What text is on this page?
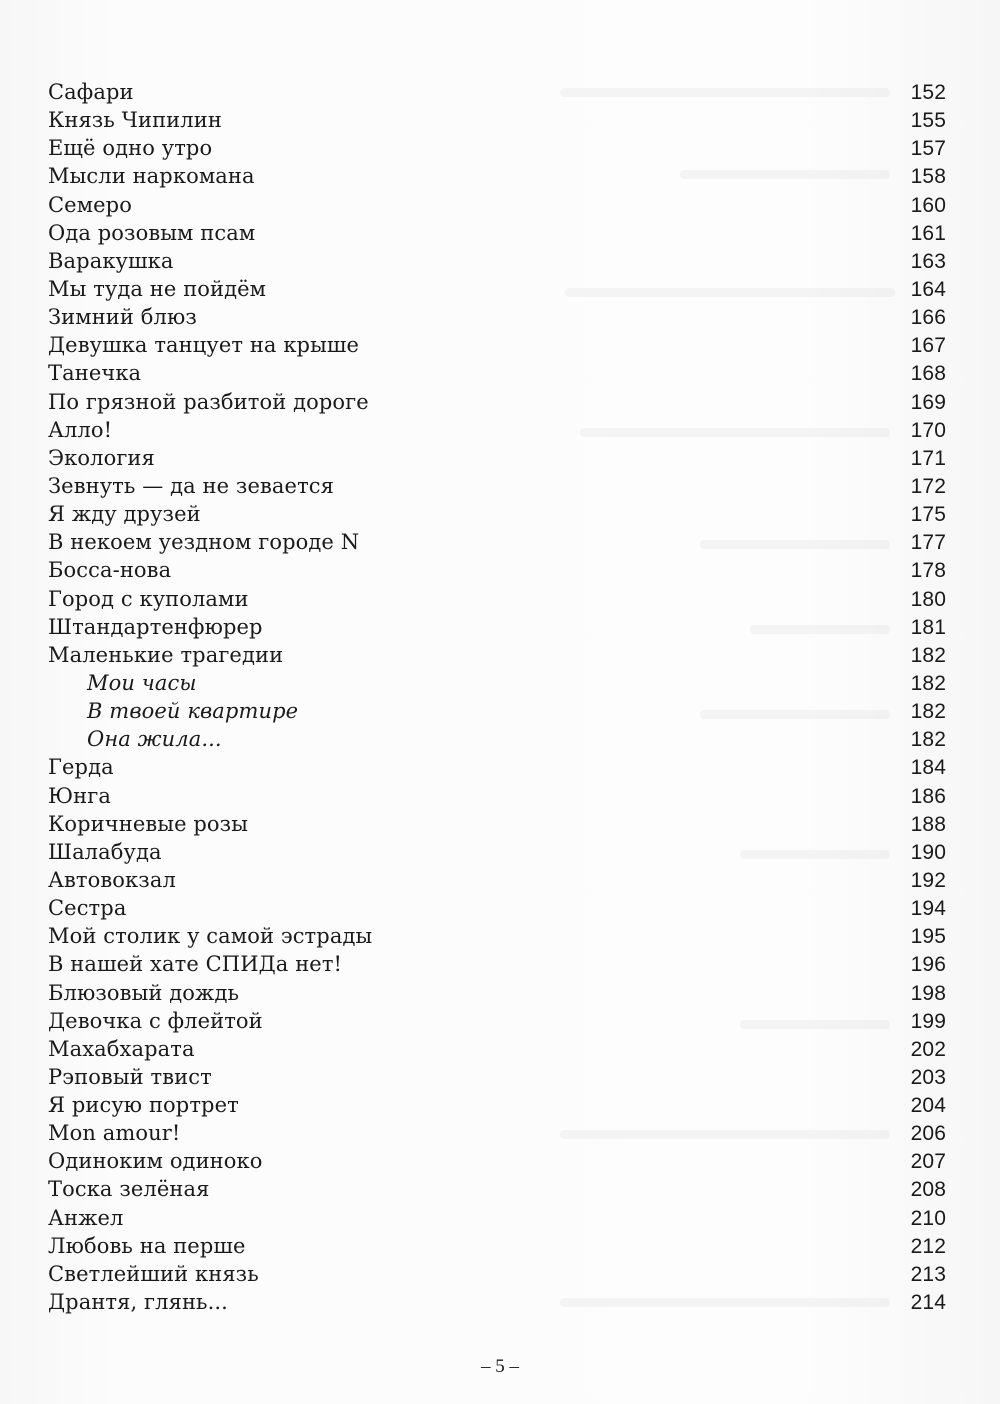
Сафари	152
Князь Чипилин	155
Ещё одно утро	157
Мысли наркомана	158
Семеро	160
Ода розовым псам	161
Варакушка	163
Мы туда не пойдём	164
Зимний блюз	166
Девушка танцует на крыше	167
Танечка	168
По грязной разбитой дороге	169
Алло!	170
Экология	171
Зевнуть — да не зевается	172
Я жду друзей	175
В некоем уездном городе N	177
Босса-нова	178
Город с куполами	180
Штандартенфюрер	181
Маленькие трагедии	182
Мои часы	182
В твоей квартире	182
Она жила...	182
Герда	184
Юнга	186
Коричневые розы	188
Шалабуда	190
Автовокзал	192
Сестра	194
Мой столик у самой эстрады	195
В нашей хате СПИДа нет!	196
Блюзовый дождь	198
Девочка с флейтой	199
Махабхарата	202
Рэповый твист	203
Я рисую портрет	204
Mon amour!	206
Одиноким одиноко	207
Тоска зелёная	208
Анжел	210
Любовь на перше	212
Светлейший князь	213
Дрантя, глянь...	214
– 5 –
